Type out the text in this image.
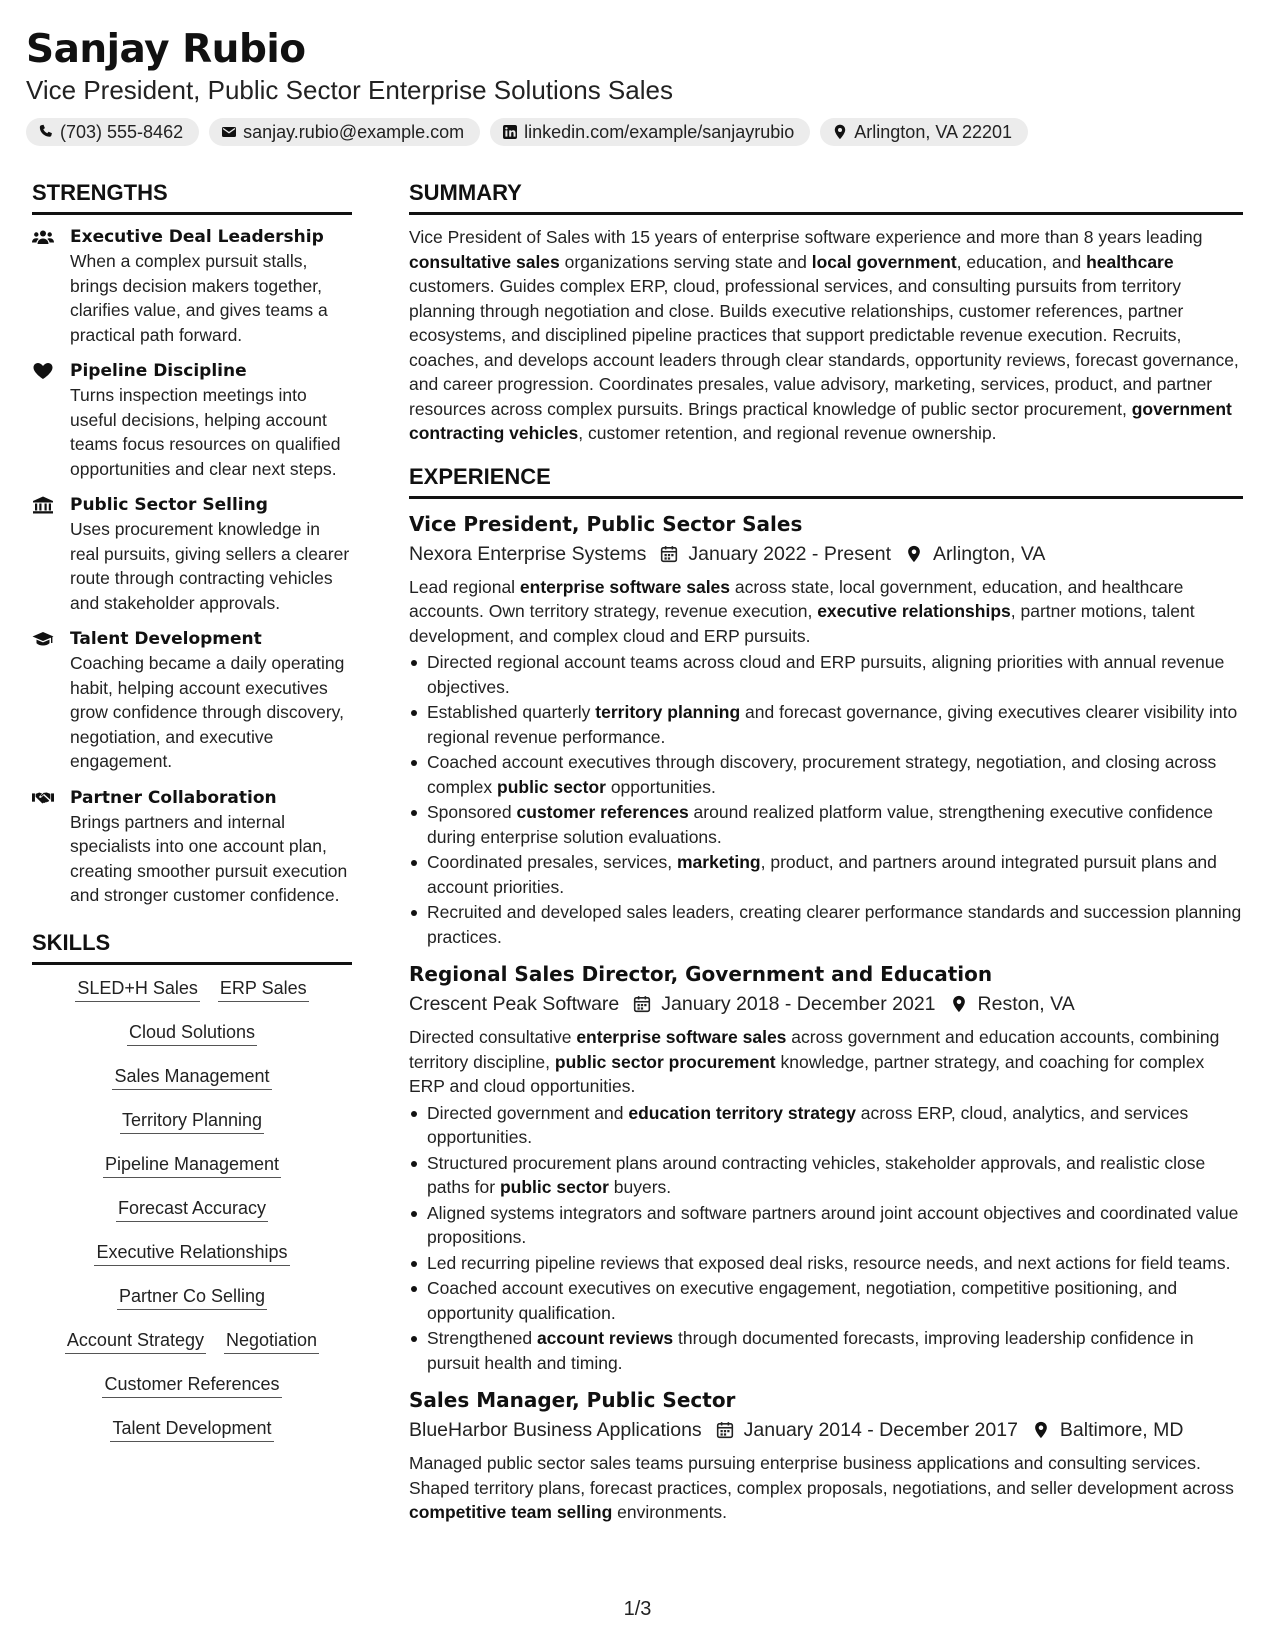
Sanjay Rubio
Vice President, Public Sector Enterprise Solutions Sales
(703) 555-8462	sanjay.rubio@example.com	linkedin.com/example/sanjayrubio	Arlington, VA 22201
STRENGTHS
Executive Deal Leadership
When a complex pursuit stalls, brings decision makers together, clarifies value, and gives teams a practical path forward.
Pipeline Discipline
Turns inspection meetings into useful decisions, helping account teams focus resources on qualified opportunities and clear next steps.
Public Sector Selling
Uses procurement knowledge in real pursuits, giving sellers a clearer route through contracting vehicles and stakeholder approvals.
Talent Development
Coaching became a daily operating habit, helping account executives grow confidence through discovery, negotiation, and executive engagement.
Partner Collaboration
Brings partners and internal specialists into one account plan, creating smoother pursuit execution and stronger customer confidence.
SKILLS
SLED+H Sales ERP Sales
Cloud Solutions
Sales Management
Territory Planning
Pipeline Management
Forecast Accuracy
Executive Relationships
Partner Co Selling
Account Strategy Negotiation
Customer References
Talent Development
SUMMARY
Vice President of Sales with 15 years of enterprise software experience and more than 8 years leading consultative sales organizations serving state and local government, education, and healthcare customers. Guides complex ERP, cloud, professional services, and consulting pursuits from territory planning through negotiation and close. Builds executive relationships, customer references, partner ecosystems, and disciplined pipeline practices that support predictable revenue execution. Recruits, coaches, and develops account leaders through clear standards, opportunity reviews, forecast governance, and career progression. Coordinates presales, value advisory, marketing, services, product, and partner resources across complex pursuits. Brings practical knowledge of public sector procurement, government contracting vehicles, customer retention, and regional revenue ownership.
EXPERIENCE
Vice President, Public Sector Sales
Nexora Enterprise Systems January 2022 - Present Arlington, VA
Lead regional enterprise software sales across state, local government, education, and healthcare accounts. Own territory strategy, revenue execution, executive relationships, partner motions, talent development, and complex cloud and ERP pursuits.
Directed regional account teams across cloud and ERP pursuits, aligning priorities with annual revenue objectives.
Established quarterly territory planning and forecast governance, giving executives clearer visibility into regional revenue performance.
Coached account executives through discovery, procurement strategy, negotiation, and closing across complex public sector opportunities.
Sponsored customer references around realized platform value, strengthening executive confidence during enterprise solution evaluations.
Coordinated presales, services, marketing, product, and partners around integrated pursuit plans and account priorities.
Recruited and developed sales leaders, creating clearer performance standards and succession planning practices.
Regional Sales Director, Government and Education
Crescent Peak Software January 2018 - December 2021 Reston, VA
Directed consultative enterprise software sales across government and education accounts, combining territory discipline, public sector procurement knowledge, partner strategy, and coaching for complex ERP and cloud opportunities.
Directed government and education territory strategy across ERP, cloud, analytics, and services opportunities.
Structured procurement plans around contracting vehicles, stakeholder approvals, and realistic close paths for public sector buyers.
Aligned systems integrators and software partners around joint account objectives and coordinated value propositions.
Led recurring pipeline reviews that exposed deal risks, resource needs, and next actions for field teams.
Coached account executives on executive engagement, negotiation, competitive positioning, and opportunity qualification.
Strengthened account reviews through documented forecasts, improving leadership confidence in pursuit health and timing.
Sales Manager, Public Sector
BlueHarbor Business Applications January 2014 - December 2017 Baltimore, MD
Managed public sector sales teams pursuing enterprise business applications and consulting services. Shaped territory plans, forecast practices, complex proposals, negotiations, and seller development across competitive team selling environments.
1/3
